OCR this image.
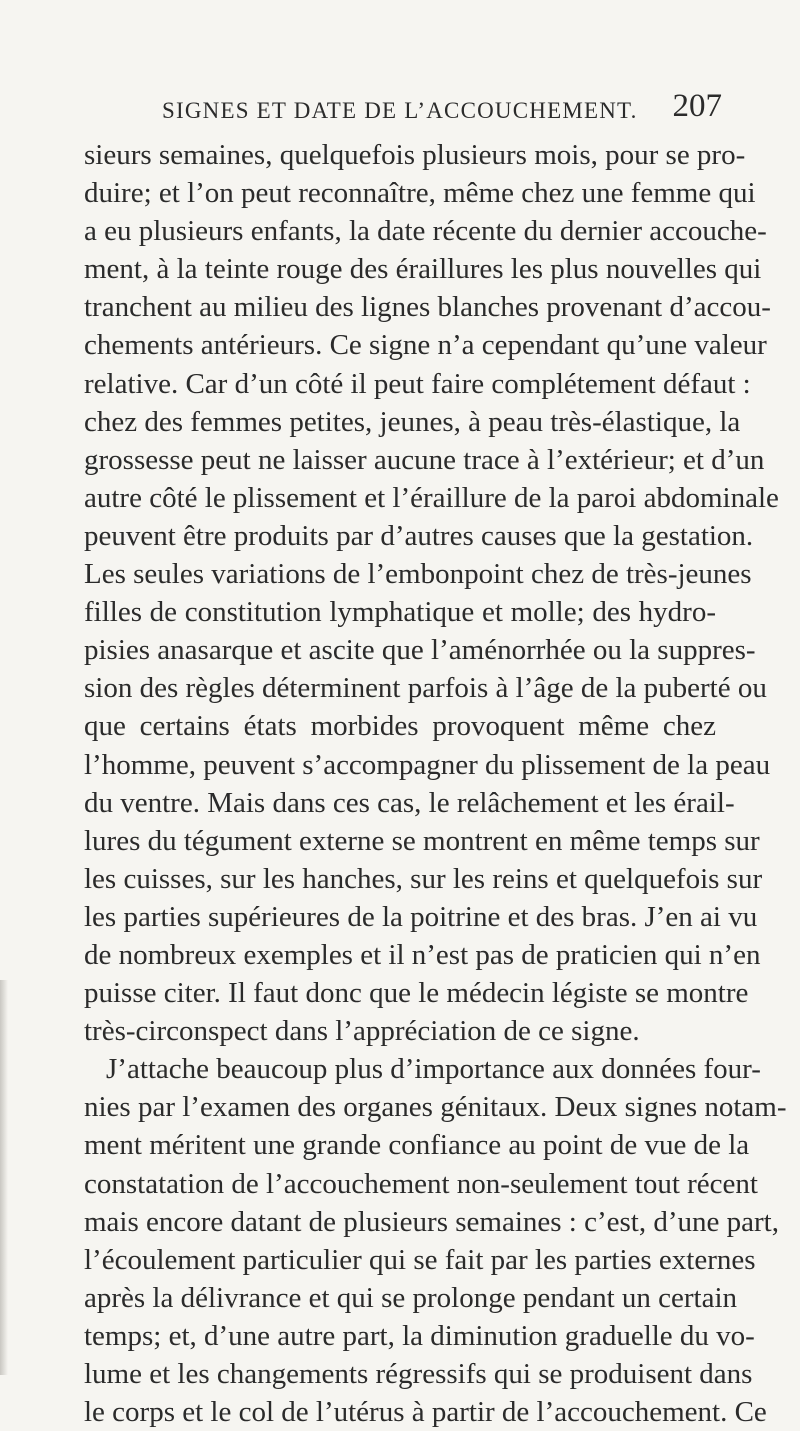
SIGNES ET DATE DE L’ACCOUCHEMENT. 207
sieurs semaines, quelquefois plusieurs mois, pour se pro-
duire; et l’on peut reconnaître, même chez une femme qui
a eu plusieurs enfants, la date récente du dernier accouche-
ment, à la teinte rouge des éraillures les plus nouvelles qui
tranchent au milieu des lignes blanches provenant d’accou-
chements antérieurs. Ce signe n’a cependant qu’une valeur
relative. Car d’un côté il peut faire complétement défaut :
chez des femmes petites, jeunes, à peau très-élastique, la
grossesse peut ne laisser aucune trace à l’extérieur; et d’un
autre côté le plissement et l’éraillure de la paroi abdominale
peuvent être produits par d’autres causes que la gestation.
Les seules variations de l’embonpoint chez de très-jeunes
filles de constitution lymphatique et molle; des hydro-
pisies anasarque et ascite que l’aménorrhée ou la suppres-
sion des règles déterminent parfois à l’âge de la puberté ou
que certains états morbides provoquent même chez
l’homme, peuvent s’accompagner du plissement de la peau
du ventre. Mais dans ces cas, le relâchement et les érail-
lures du tégument externe se montrent en même temps sur
les cuisses, sur les hanches, sur les reins et quelquefois sur
les parties supérieures de la poitrine et des bras. J’en ai vu
de nombreux exemples et il n’est pas de praticien qui n’en
puisse citer. Il faut donc que le médecin légiste se montre
très-circonspect dans l’appréciation de ce signe.
J’attache beaucoup plus d’importance aux données four-
nies par l’examen des organes génitaux. Deux signes notam-
ment méritent une grande confiance au point de vue de la
constatation de l’accouchement non-seulement tout récent
mais encore datant de plusieurs semaines : c’est, d’une part,
l’écoulement particulier qui se fait par les parties externes
après la délivrance et qui se prolonge pendant un certain
temps; et, d’une autre part, la diminution graduelle du vo-
lume et les changements régressifs qui se produisent dans
le corps et le col de l’utérus à partir de l’accouchement. Ce
